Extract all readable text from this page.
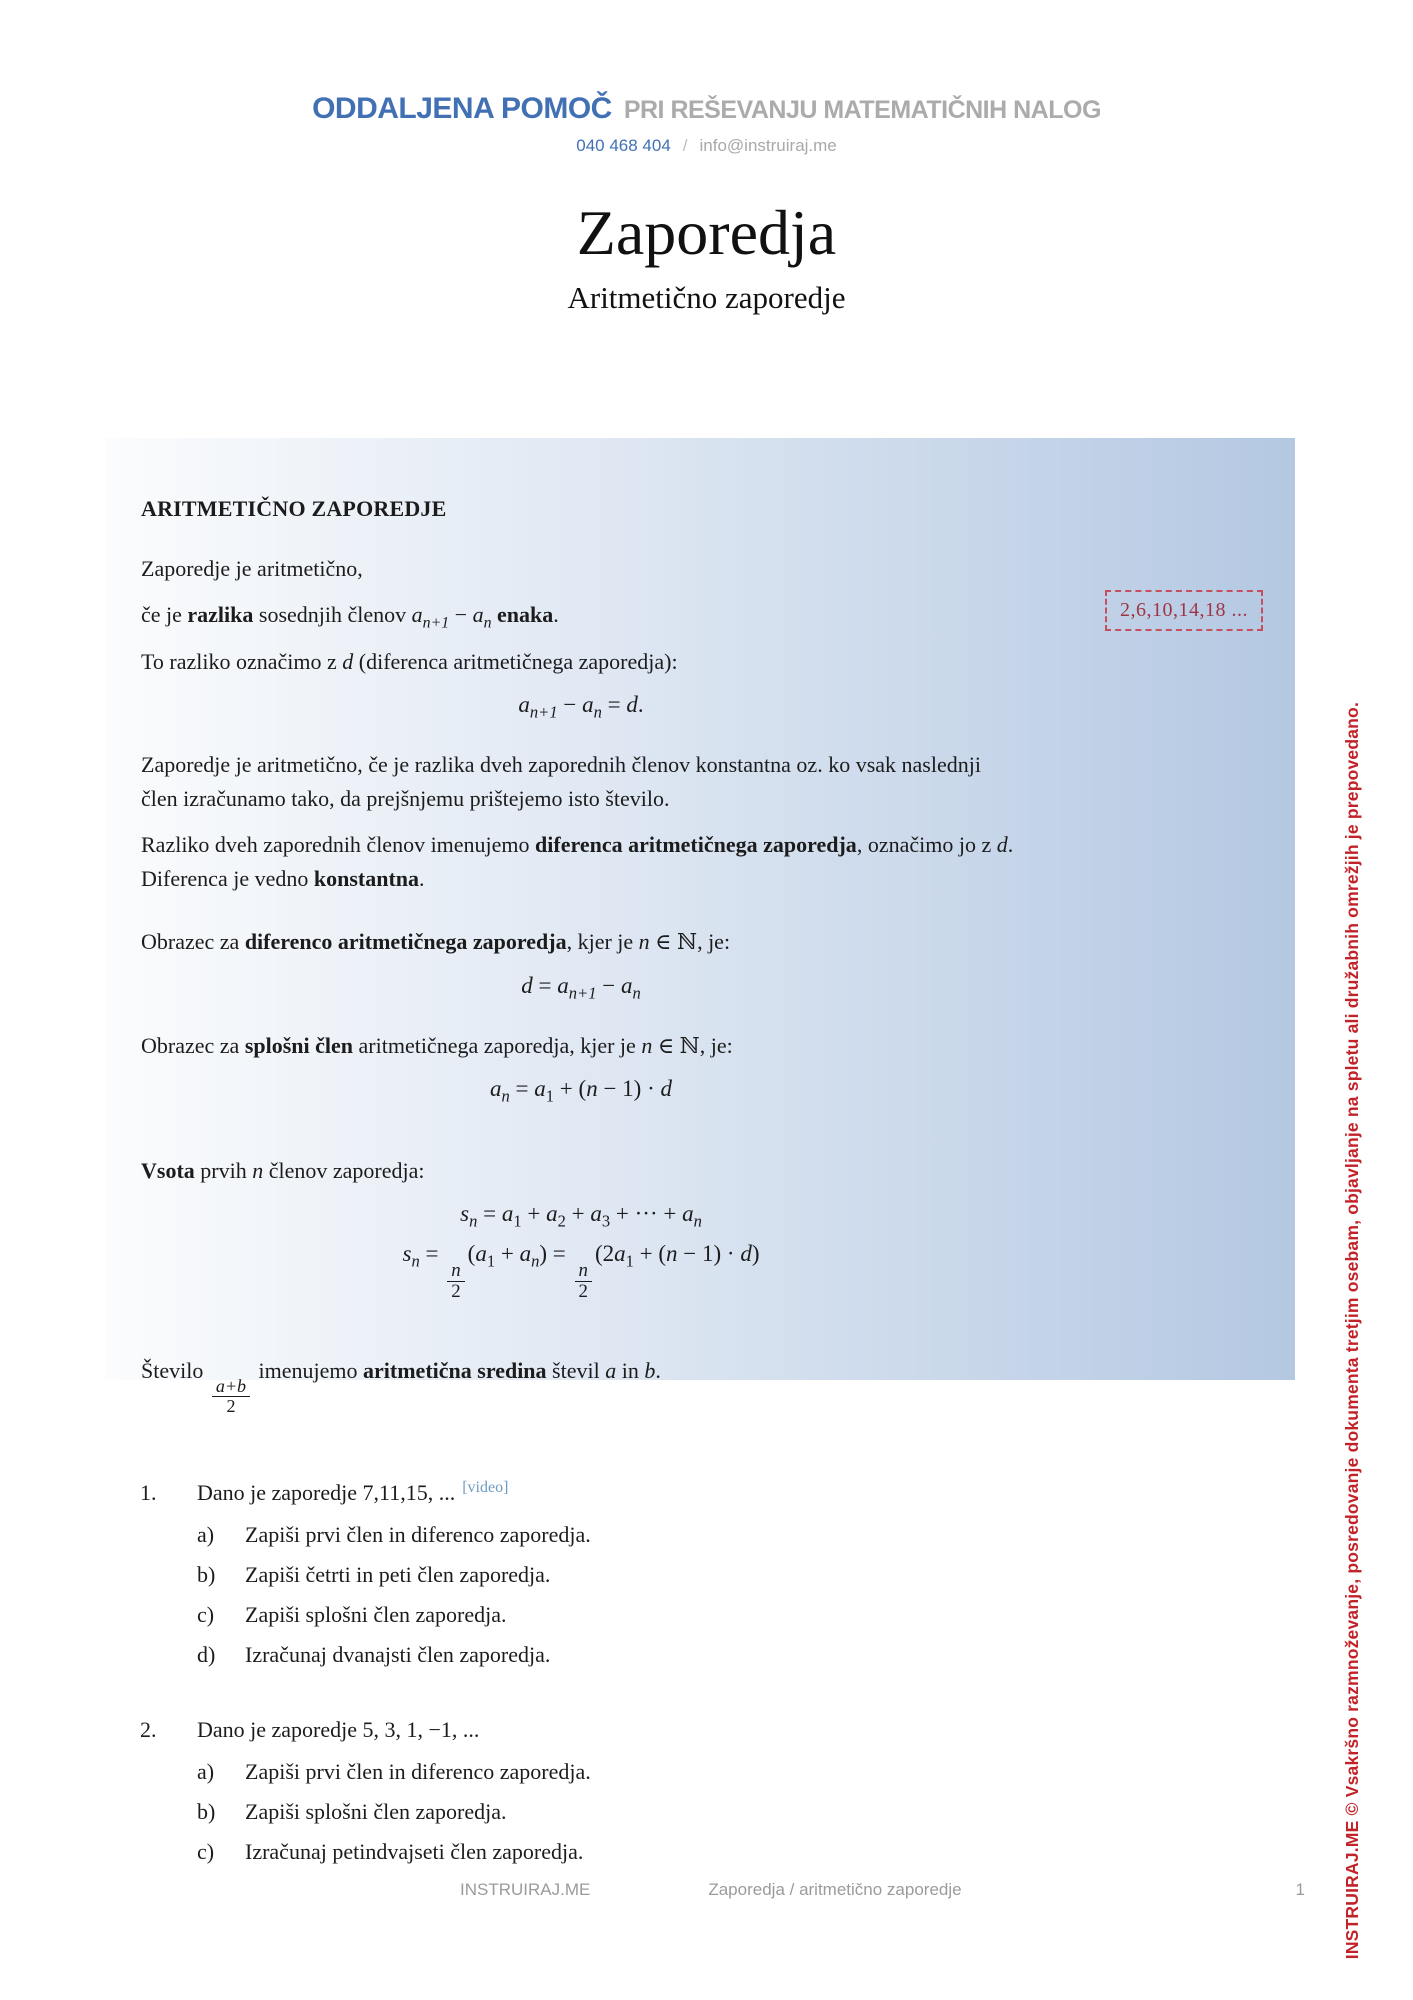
ODDALJENA POMOČ PRI REŠEVANJU MATEMATIČNIH NALOG
040 468 404 / info@instruiraj.me
Zaporedja
Aritmetično zaporedje
2,6,10,14,18 ...
ARITMETIČNO ZAPOREDJE

Zaporedje je aritmetično,

če je razlika sosednjih členov $a_{n+1} - a_n$ enaka.

To razliko označimo z d (diferenca aritmetičnega zaporedja):

$a_{n+1} - a_n = d$.

Zaporedje je aritmetično, če je razlika dveh zaporednih členov konstantna oz. ko vsak naslednji člen izračunamo tako, da prejšnjemu prištejemo isto število.

Razliko dveh zaporednih členov imenujemo diferenca aritmetičnega zaporedja, označimo jo z d. Diferenca je vedno konstantna.

Obrazec za diferenco aritmetičnega zaporedja, kjer je n ∈ ℕ, je:

$d = a_{n+1} - a_n$

Obrazec za splošni člen aritmetičnega zaporedja, kjer je n ∈ ℕ, je:

$a_n = a_1 + (n - 1) \cdot d$

Vsota prvih n členov zaporedja:

$s_n = a_1 + a_2 + a_3$ + ··· + $a_n$
$s_n$ =
$\frac{n}{2}$
$(a_1 + a_n)$ =
$\frac{n}{2}$
$(2a_1 + (n - 1) \cdot d)$

Število
$\frac{a+b}{2}$
imenujemo aritmetična sredina števil a in b.

1.	Dano je zaporedje 7,11,15, ... [video]
a)	Zapiši prvi člen in diferenco zaporedja.
b)	Zapiši četrti in peti člen zaporedja.
c)	Zapiši splošni člen zaporedja.
d)	Izračunaj dvanajsti člen zaporedja.
2.	Dano je zaporedje 5, 3, 1, −1, ...
a)	Zapiši prvi člen in diferenco zaporedja.
b)	Zapiši splošni člen zaporedja.
c)	Izračunaj petindvajseti člen zaporedja.
INSTRUIRAJ.ME	Zaporedja / aritmetično zaporedje	1 INSTRUIRAJ.ME © Vsakršno razmnoževanje, posredovanje dokumenta tretjim osebam, objavljanje na spletu ali družabnih omrežjih je prepovedano.
